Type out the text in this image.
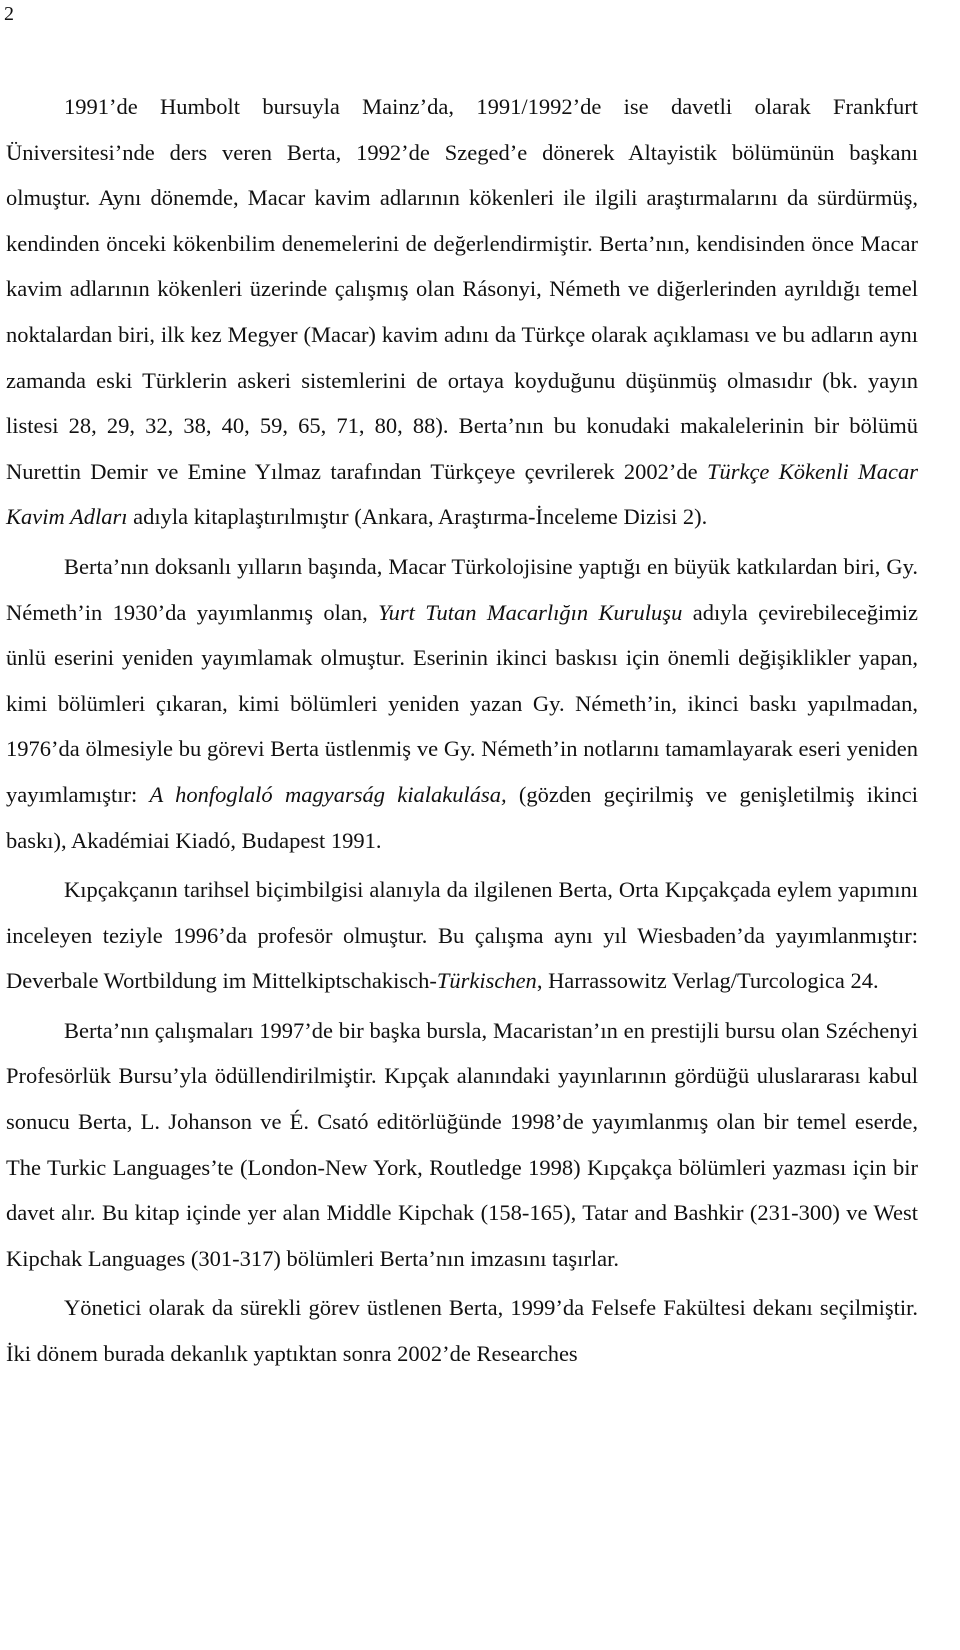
2

1991’de Humbolt bursuyla Mainz’da, 1991/1992’de ise davetli olarak Frankfurt Üniversitesi’nde ders veren Berta, 1992’de Szeged’e dönerek Altayistik bölümünün başkanı olmuştur. Aynı dönemde, Macar kavim adlarının kökenleri ile ilgili araştırmalarını da sürdürmüş, kendinden önceki kökenbilim denemelerini de değerlendirmiştir. Berta’nın, kendisinden önce Macar kavim adlarının kökenleri üzerinde çalışmış olan Rásonyi, Németh ve diğerlerinden ayrıldığı temel noktalardan biri, ilk kez Megyer (Macar) kavim adını da Türkçe olarak açıklaması ve bu adların aynı zamanda eski Türklerin askeri sistemlerini de ortaya koyduğunu düşünmüş olmasıdır (bk. yayın listesi 28, 29, 32, 38, 40, 59, 65, 71, 80, 88). Berta’nın bu konudaki makalelerinin bir bölümü Nurettin Demir ve Emine Yılmaz tarafından Türkçeye çevrilerek 2002’de Türkçe Kökenli Macar Kavim Adları adıyla kitaplaştırılmıştır (Ankara, Araştırma-İnceleme Dizisi 2).

Berta’nın doksanlı yılların başında, Macar Türkolojisine yaptığı en büyük katkılardan biri, Gy. Németh’in 1930’da yayımlanmış olan, Yurt Tutan Macarlığın Kuruluşu adıyla çevirebileceğimiz ünlü eserini yeniden yayımlamak olmuştur. Eserinin ikinci baskısı için önemli değişiklikler yapan, kimi bölümleri çıkaran, kimi bölümleri yeniden yazan Gy. Németh’in, ikinci baskı yapılmadan, 1976’da ölmesiyle bu görevi Berta üstlenmiş ve Gy. Németh’in notlarını tamamlayarak eseri yeniden yayımlamıştır: A honfoglaló magyarság kialakulása, (gözden geçirilmiş ve genişletilmiş ikinci baskı), Akadémiai Kiadó, Budapest 1991.

Kıpçakçanın tarihsel biçimbilgisi alanıyla da ilgilenen Berta, Orta Kıpçakçada eylem yapımını inceleyen teziyle 1996’da profesör olmuştur. Bu çalışma aynı yıl Wiesbaden’da yayımlanmıştır: Deverbale Wortbildung im Mittelkiptschakisch-Türkischen, Harrassowitz Verlag/Turcologica 24.

Berta’nın çalışmaları 1997’de bir başka bursla, Macaristan’ın en prestijli bursu olan Széchenyi Profesörlük Bursu’yla ödüllendirilmiştir. Kıpçak alanındaki yayınlarının gördüğü uluslararası kabul sonucu Berta, L. Johanson ve É. Csató editörlüğünde 1998’de yayımlanmış olan bir temel eserde, The Turkic Languages’te (London-New York, Routledge 1998) Kıpçakça bölümleri yazması için bir davet alır. Bu kitap içinde yer alan Middle Kipchak (158-165), Tatar and Bashkir (231-300) ve West Kipchak Languages (301-317) bölümleri Berta’nın imzasını taşırlar.

Yönetici olarak da sürekli görev üstlenen Berta, 1999’da Felsefe Fakültesi dekanı seçilmiştir. İki dönem burada dekanlık yaptıktan sonra 2002’de Researches
